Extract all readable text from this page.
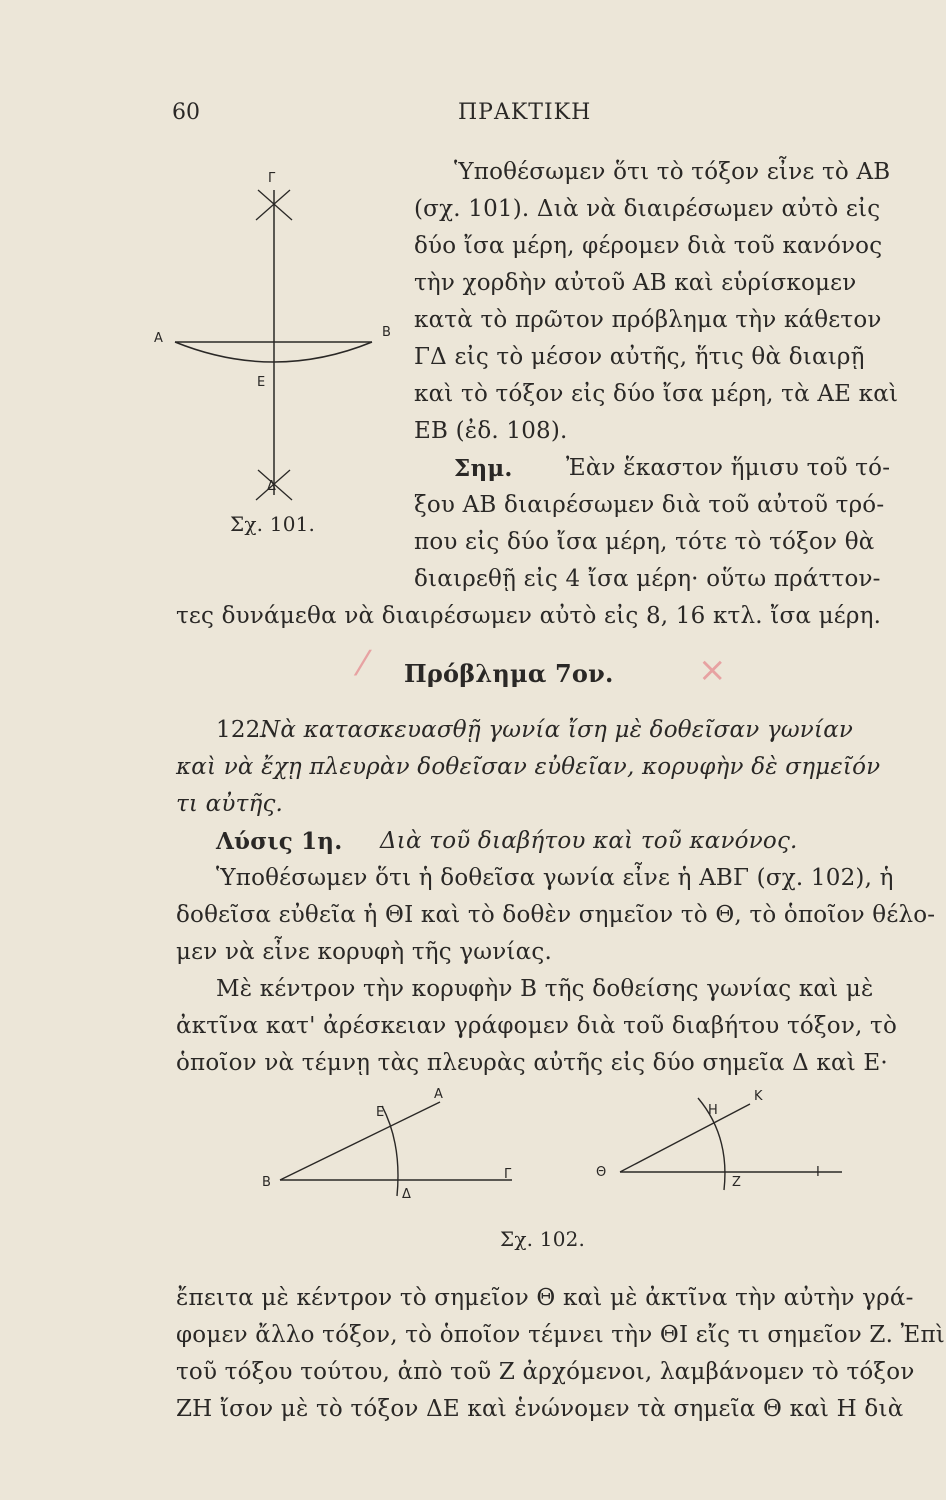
60	ΠΡΑΚΤΙΚΗ
Γ
Α	Β
Ε
Δ
Σχ. 101.
Ὑποθέσωμεν ὅτι τὸ τόξον εἶνε τὸ ΑΒ
(σχ. 101). Διὰ νὰ διαιρέσωμεν αὐτὸ εἰς
δύο ἴσα μέρη, φέρομεν διὰ τοῦ κανόνος
τὴν χορδὴν αὐτοῦ ΑΒ καὶ εὑρίσκομεν
κατὰ τὸ πρῶτον πρόβλημα τὴν κάθετον
ΓΔ εἰς τὸ μέσον αὐτῆς, ἥτις θὰ διαιρῇ
καὶ τὸ τόξον εἰς δύο ἴσα μέρη, τὰ ΑΕ καὶ
ΕΒ (ἐδ. 108).
Σημ. Ἐὰν ἕκαστον ἥμισυ τοῦ τό-
ξου ΑΒ διαιρέσωμεν διὰ τοῦ αὐτοῦ τρό-
που εἰς δύο ἴσα μέρη, τότε τὸ τόξον θὰ
διαιρεθῇ εἰς 4 ἴσα μέρη· οὕτω πράττον-
τες δυνάμεθα νὰ διαιρέσωμεν αὐτὸ εἰς 8, 16 κτλ. ἴσα μέρη.
⁄	×
Πρόβλημα 7ον.
122.
Νὰ κατασκευασθῇ γωνία ἴση μὲ δοθεῖσαν γωνίαν
καὶ νὰ ἔχῃ πλευρὰν δοθεῖσαν εὐθεῖαν, κορυφὴν δὲ σημεῖόν
τι αὐτῆς.
Λύσις 1η. Διὰ τοῦ διαβήτου καὶ τοῦ κανόνος.
Ὑποθέσωμεν ὅτι ἡ δοθεῖσα γωνία εἶνε ἡ ΑΒΓ (σχ. 102), ἡ
δοθεῖσα εὐθεῖα ἡ ΘΙ καὶ τὸ δοθὲν σημεῖον τὸ Θ, τὸ ὁποῖον θέλο-
μεν νὰ εἶνε κορυφὴ τῆς γωνίας.
Μὲ κέντρον τὴν κορυφὴν Β τῆς δοθείσης γωνίας καὶ μὲ
ἀκτῖνα κατ' ἀρέσκειαν γράφομεν διὰ τοῦ διαβήτου τόξον, τὸ
ὁποῖον νὰ τέμνῃ τὰς πλευρὰς αὐτῆς εἰς δύο σημεῖα Δ καὶ Ε·
Α
Ε
Β
Δ
Γ
Κ
Η
Θ
Ζ
Ι
Σχ. 102.
ἔπειτα μὲ κέντρον τὸ σημεῖον Θ καὶ μὲ ἀκτῖνα τὴν αὐτὴν γρά-
φομεν ἄλλο τόξον, τὸ ὁποῖον τέμνει τὴν ΘΙ εἴς τι σημεῖον Ζ. Ἐπὶ
τοῦ τόξου τούτου, ἀπὸ τοῦ Ζ ἀρχόμενοι, λαμβάνομεν τὸ τόξον
ΖΗ ἴσον μὲ τὸ τόξον ΔΕ καὶ ἑνώνομεν τὰ σημεῖα Θ καὶ Η διὰ
